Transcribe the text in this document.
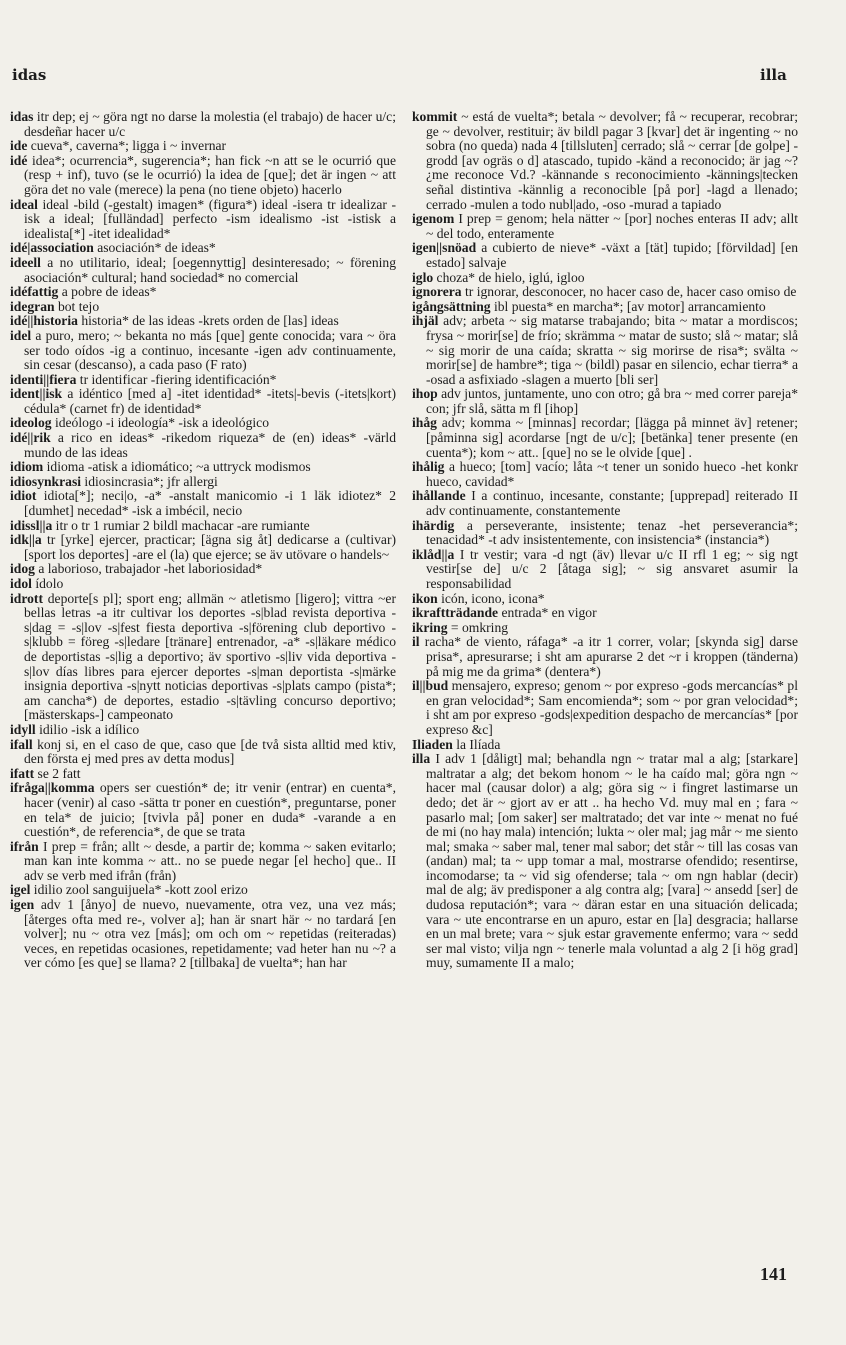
idas	illa

idas itr dep; ej ~ göra ngt no darse la molestia (el trabajo) de hacer u/c; desdeñar hacer u/c

ide cueva*, caverna*; ligga i ~ invernar

idé idea*; ocurrencia*, sugerencia*; han fick ~n att se le ocurrió que (resp + inf), tuvo (se le ocurrió) la idea de [que]; det är ingen ~ att göra det no vale (merece) la pena (no tiene objeto) hacerlo

ideal ideal -bild (-gestalt) imagen* (figura*) ideal -isera tr idealizar -isk a ideal; [fulländad] perfecto -ism idealismo -ist -istisk a idealista[*] -itet idealidad*

idé|association asociación* de ideas*

ideell a no utilitario, ideal; [oegennyttig] desinteresado; ~ förening asociación* cultural; hand sociedad* no comercial

idéfattig a pobre de ideas*

idegran bot tejo

idé||historia historia* de las ideas -krets orden de [las] ideas

idel a puro, mero; ~ bekanta no más [que] gente conocida; vara ~ öra ser todo oídos -ig a continuo, incesante -igen adv continuamente, sin cesar (descanso), a cada paso (F rato)

identi||fiera tr identificar -fiering identificación*

ident||isk a idéntico [med a] -itet identidad* -itets|-bevis (-itets|kort) cédula* (carnet fr) de identidad*

ideolog ideólogo -i ideología* -isk a ideológico

idé||rik a rico en ideas* -rikedom riqueza* de (en) ideas* -värld mundo de las ideas

idiom idioma -atisk a idiomático; ~a uttryck modismos

idiosynkrasi idiosincrasia*; jfr allergi

idiot idiota[*]; neci|o, -a* -anstalt manicomio -i 1 läk idiotez* 2 [dumhet] necedad* -isk a imbécil, necio

idissl||a itr o tr 1 rumiar 2 bildl machacar -are rumiante

idk||a tr [yrke] ejercer, practicar; [ägna sig åt] dedicarse a (cultivar) [sport los deportes] -are el (la) que ejerce; se äv utövare o handels~

idog a laborioso, trabajador -het laboriosidad*

idol ídolo

idrott deporte[s pl]; sport eng; allmän ~ atletismo [ligero]; vittra ~er bellas letras -a itr cultivar los deportes -s|blad revista deportiva -s|dag = -s|lov -s|fest fiesta deportiva -s|förening club deportivo -s|klubb = föreg -s|ledare [tränare] entrenador, -a* -s|läkare médico de deportistas -s|lig a deportivo; äv sportivo -s|liv vida deportiva -s|lov días libres para ejercer deportes -s|man deportista -s|märke insignia deportiva -s|nytt noticias deportivas -s|plats campo (pista*; am cancha*) de deportes, estadio -s|tävling concurso deportivo; [mästerskaps-] campeonato

idyll idilio -isk a idílico

ifall konj si, en el caso de que, caso que [de två sista alltid med ktiv, den första ej med pres av detta modus]

ifatt se 2 fatt

ifråga||komma opers ser cuestión* de; itr venir (entrar) en cuenta*, hacer (venir) al caso -sätta tr poner en cuestión*, preguntarse, poner en tela* de juicio; [tvivla på] poner en duda* -varande a en cuestión*, de referencia*, de que se trata

ifrån I prep = från; allt ~ desde, a partir de; komma ~ saken evitarlo; man kan inte komma ~ att.. no se puede negar [el hecho] que.. II adv se verb med ifrån (från)

igel idilio zool sanguijuela* -kott zool erizo

igen adv 1 [ånyo] de nuevo, nuevamente, otra vez, una vez más; [återges ofta med re-, volver a]; han är snart här ~ no tardará [en volver]; nu ~ otra vez [más]; om och om ~ repetidas (reiteradas) veces, en repetidas ocasiones, repetidamente; vad heter han nu ~? a ver cómo [es que] se llama? 2 [tillbaka] de vuelta*; han har

kommit ~ está de vuelta*; betala ~ devolver; få ~ recuperar, recobrar; ge ~ devolver, restituir; äv bildl pagar 3 [kvar] det är ingenting ~ no sobra (no queda) nada 4 [tillsluten] cerrado; slå ~ cerrar [de golpe] -grodd [av ogräs o d] atascado, tupido -känd a reconocido; är jag ~? ¿me reconoce Vd.? -kännande s reconocimiento -kännings|tecken señal distintiva -kännlig a reconocible [på por] -lagd a llenado; cerrado -mulen a todo nubl|ado, -oso -murad a tapiado

igenom I prep = genom; hela nätter ~ [por] noches enteras II adv; allt ~ del todo, enteramente

igen||snöad a cubierto de nieve* -växt a [tät] tupido; [förvildad] [en estado] salvaje

iglo choza* de hielo, iglú, igloo

ignorera tr ignorar, desconocer, no hacer caso de, hacer caso omiso de

igångsättning ibl puesta* en marcha*; [av motor] arrancamiento

ihjäl adv; arbeta ~ sig matarse trabajando; bita ~ matar a mordiscos; frysa ~ morir[se] de frío; skrämma ~ matar de susto; slå ~ matar; slå ~ sig morir de una caída; skratta ~ sig morirse de risa*; svälta ~ morir[se] de hambre*; tiga ~ (bildl) pasar en silencio, echar tierra* a -osad a asfixiado -slagen a muerto [bli ser]

ihop adv juntos, juntamente, uno con otro; gå bra ~ med correr pareja* con; jfr slå, sätta m fl [ihop]

ihåg adv; komma ~ [minnas] recordar; [lägga på minnet äv] retener; [påminna sig] acordarse [ngt de u/c]; [betänka] tener presente (en cuenta*); kom ~ att.. [que] no se le olvide [que] .

ihålig a hueco; [tom] vacío; låta ~t tener un sonido hueco -het konkr hueco, cavidad*

ihållande I a continuo, incesante, constante; [upprepad] reiterado II adv continuamente, constantemente

ihärdig a perseverante, insistente; tenaz -het perseverancia*; tenacidad* -t adv insistentemente, con insistencia* (instancia*)

iklåd||a I tr vestir; vara -d ngt (äv) llevar u/c II rfl 1 eg; ~ sig ngt vestir[se de] u/c 2 [åtaga sig]; ~ sig ansvaret asumir la responsabilidad

ikon icón, icono, icona*

ikraftträdande entrada* en vigor

ikring = omkring

il racha* de viento, ráfaga* -a itr 1 correr, volar; [skynda sig] darse prisa*, apresurarse; i sht am apurarse 2 det ~r i kroppen (tänderna) på mig me da grima* (dentera*)

il||bud mensajero, expreso; genom ~ por expreso -gods mercancías* pl en gran velocidad*; Sam encomienda*; som ~ por gran velocidad*; i sht am por expreso -gods|expedition despacho de mercancías* [por expreso &c]

Iliaden la Ilíada

illa I adv 1 [dåligt] mal; behandla ngn ~ tratar mal a alg; [starkare] maltratar a alg; det bekom honom ~ le ha caído mal; göra ngn ~ hacer mal (causar dolor) a alg; göra sig ~ i fingret lastimarse un dedo; det är ~ gjort av er att .. ha hecho Vd. muy mal en ; fara ~ pasarlo mal; [om saker] ser maltratado; det var inte ~ menat no fué de mi (no hay mala) intención; lukta ~ oler mal; jag mår ~ me siento mal; smaka ~ saber mal, tener mal sabor; det står ~ till las cosas van (andan) mal; ta ~ upp tomar a mal, mostrarse ofendido; resentirse, incomodarse; ta ~ vid sig ofenderse; tala ~ om ngn hablar (decir) mal de alg; äv predisponer a alg contra alg; [vara] ~ ansedd [ser] de dudosa reputación*; vara ~ däran estar en una situación delicada; vara ~ ute encontrarse en un apuro, estar en [la] desgracia; hallarse en un mal brete; vara ~ sjuk estar gravemente enfermo; vara ~ sedd ser mal visto; vilja ngn ~ tenerle mala voluntad a alg 2 [i hög grad] muy, sumamente II a malo;

141
